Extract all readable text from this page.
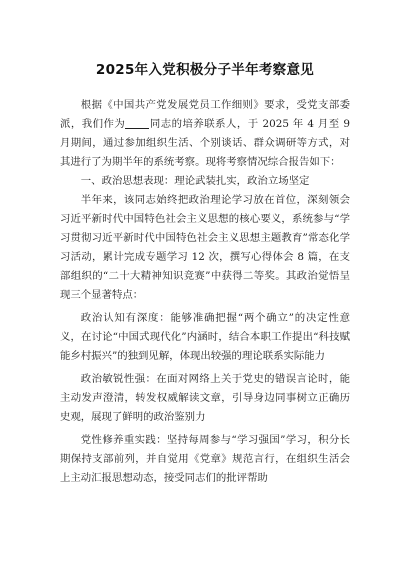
2025年入党积极分子半年考察意见

根据《中国共产党发展党员工作细则》要求，受党支部委派，我们作为 同志的培养联系人，于 2025 年 4 月至 9 月期间，通过参加组织生活、个别谈话、群众调研等方式，对其进行了为期半年的系统考察。现将考察情况综合报告如下：

一、政治思想表现：理论武装扎实，政治立场坚定

半年来，该同志始终把政治理论学习放在首位，深刻领会习近平新时代中国特色社会主义思想的核心要义，系统参与“学习贯彻习近平新时代中国特色社会主义思想主题教育”常态化学习活动，累计完成专题学习 12 次，撰写心得体会 8 篇，在支部组织的“二十大精神知识竞赛”中获得二等奖。其政治觉悟呈现三个显著特点：

政治认知有深度：能够准确把握“两个确立”的决定性意义，在讨论“中国式现代化”内涵时，结合本职工作提出“科技赋能乡村振兴”的独到见解，体现出较强的理论联系实际能力

政治敏锐性强：在面对网络上关于党史的错误言论时，能主动发声澄清，转发权威解读文章，引导身边同事树立正确历史观，展现了鲜明的政治鉴别力

党性修养重实践：坚持每周参与“学习强国”学习，积分长期保持支部前列，并自觉用《党章》规范言行，在组织生活会上主动汇报思想动态，接受同志们的批评帮助
